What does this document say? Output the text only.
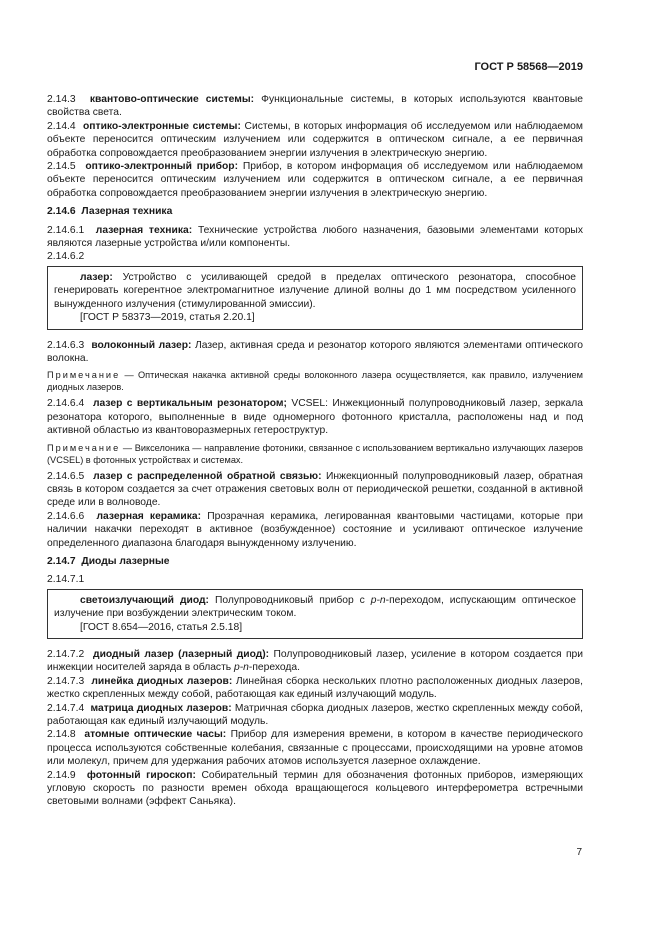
ГОСТ Р 58568—2019

2.14.3 квантово-оптические системы: Функциональные системы, в которых используются квантовые свойства света.

2.14.4 оптико-электронные системы: Системы, в которых информация об исследуемом или наблюдаемом объекте переносится оптическим излучением или содержится в оптическом сигнале, а ее первичная обработка сопровождается преобразованием энергии излучения в электрическую энергию.

2.14.5 оптико-электронный прибор: Прибор, в котором информация об исследуемом или наблюдаемом объекте переносится оптическим излучением или содержится в оптическом сигнале, а ее первичная обработка сопровождается преобразованием энергии излучения в электрическую энергию.

2.14.6 Лазерная техника

2.14.6.1 лазерная техника: Технические устройства любого назначения, базовыми элементами которых являются лазерные устройства и/или компоненты.

2.14.6.2

лазер: Устройство с усиливающей средой в пределах оптического резонатора, способное генерировать когерентное электромагнитное излучение длиной волны до 1 мм посредством усиленного вынужденного излучения (стимулированной эмиссии).

[ГОСТ Р 58373—2019, статья 2.20.1]

2.14.6.3 волоконный лазер: Лазер, активная среда и резонатор которого являются элементами оптического волокна.

Примечание — Оптическая накачка активной среды волоконного лазера осуществляется, как правило, излучением диодных лазеров.

2.14.6.4 лазер с вертикальным резонатором; VCSEL: Инжекционный полупроводниковый лазер, зеркала резонатора которого, выполненные в виде одномерного фотонного кристалла, расположены над и под активной областью из квантоворазмерных гетероструктур.

Примечание — Викселоника — направление фотоники, связанное с использованием вертикально излучающих лазеров (VCSEL) в фотонных устройствах и системах.

2.14.6.5 лазер с распределенной обратной связью: Инжекционный полупроводниковый лазер, обратная связь в котором создается за счет отражения световых волн от периодической решетки, созданной в активной среде или в волноводе.

2.14.6.6 лазерная керамика: Прозрачная керамика, легированная квантовыми частицами, которые при наличии накачки переходят в активное (возбужденное) состояние и усиливают оптическое излучение определенного диапазона благодаря вынужденному излучению.

2.14.7 Диоды лазерные

2.14.7.1

светоизлучающий диод: Полупроводниковый прибор с p-n-переходом, испускающим оптическое излучение при возбуждении электрическим током.

[ГОСТ 8.654—2016, статья 2.5.18]

2.14.7.2 диодный лазер (лазерный диод): Полупроводниковый лазер, усиление в котором создается при инжекции носителей заряда в область p-n-перехода.

2.14.7.3 линейка диодных лазеров: Линейная сборка нескольких плотно расположенных диодных лазеров, жестко скрепленных между собой, работающая как единый излучающий модуль.

2.14.7.4 матрица диодных лазеров: Матричная сборка диодных лазеров, жестко скрепленных между собой, работающая как единый излучающий модуль.

2.14.8 атомные оптические часы: Прибор для измерения времени, в котором в качестве периодического процесса используются собственные колебания, связанные с процессами, происходящими на уровне атомов или молекул, причем для удержания рабочих атомов используется лазерное охлаждение.

2.14.9 фотонный гироскоп: Собирательный термин для обозначения фотонных приборов, измеряющих угловую скорость по разности времен обхода вращающегося кольцевого интерферометра встречными световыми волнами (эффект Саньяка).

7
